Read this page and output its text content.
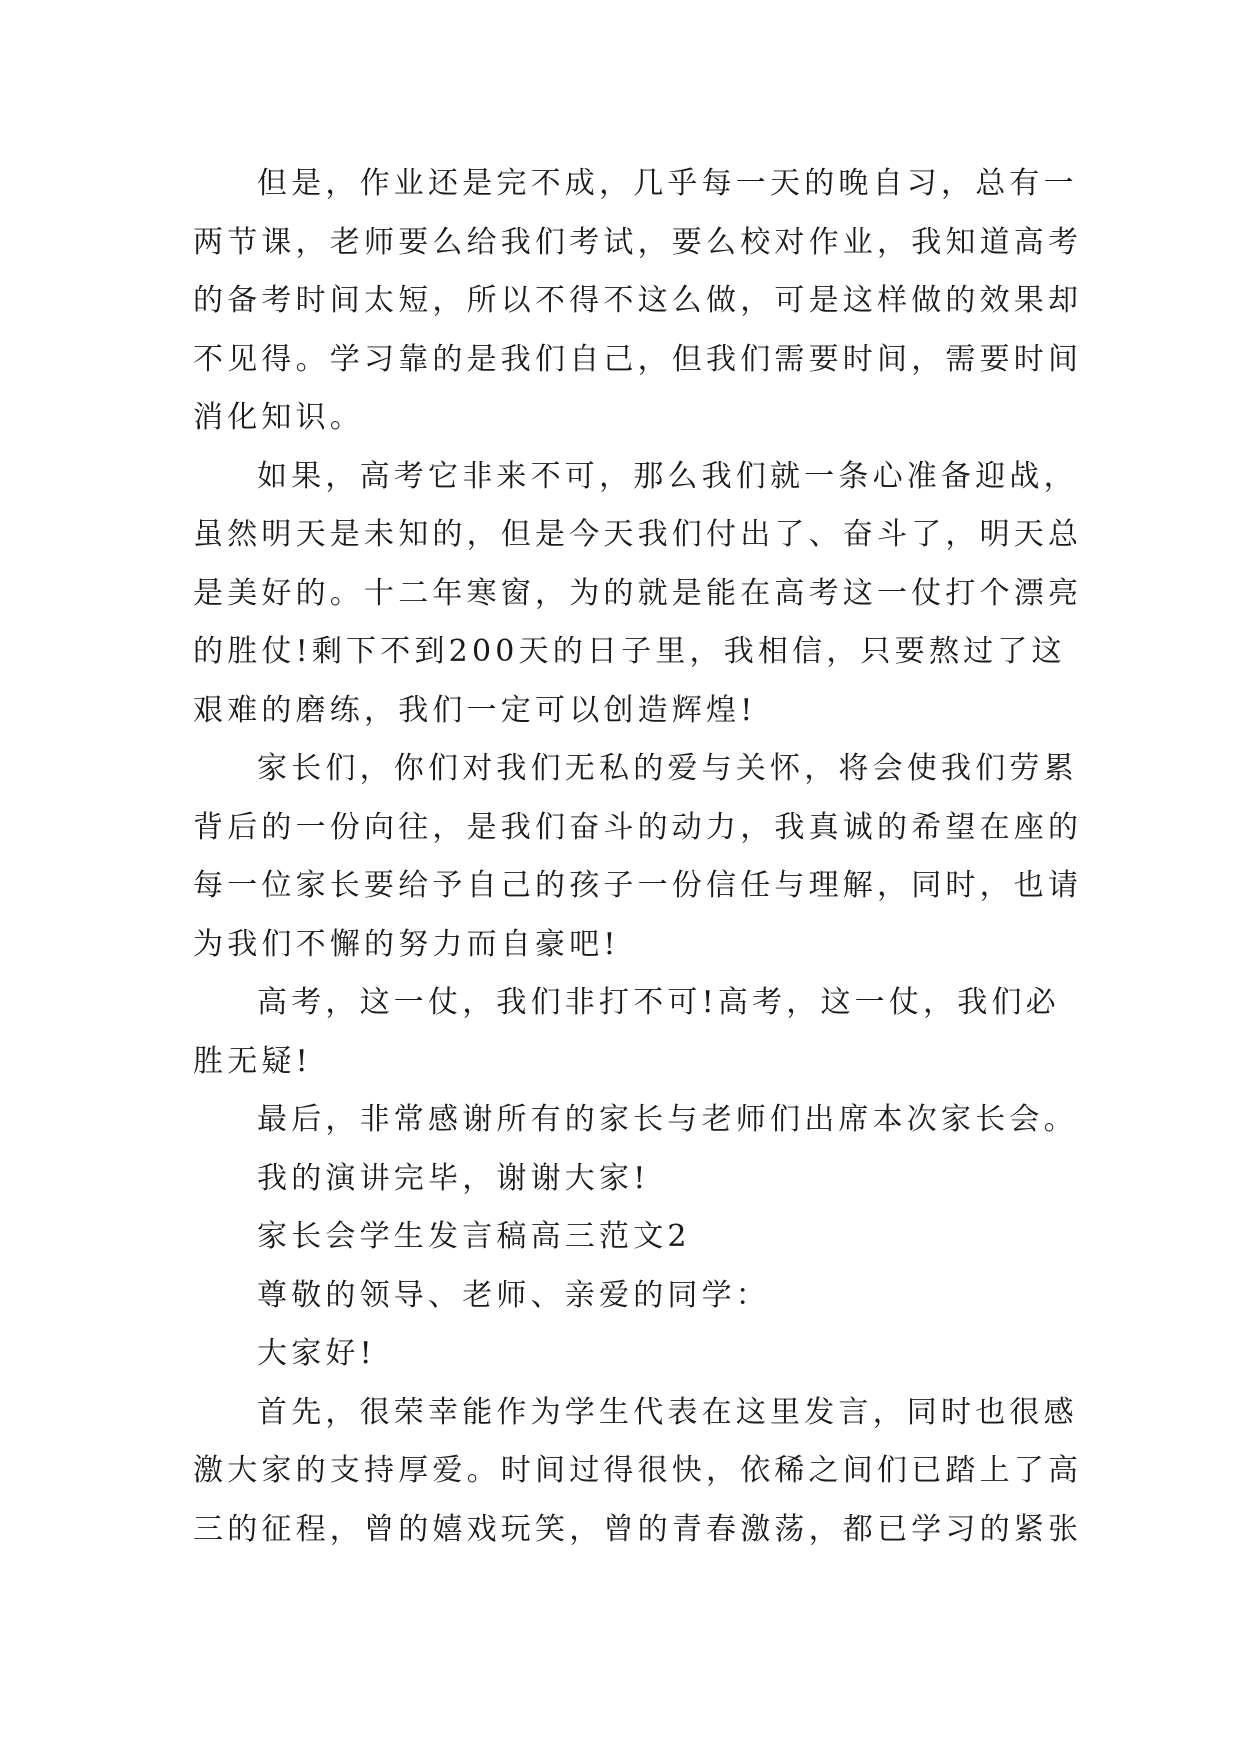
但是，作业还是完不成，几乎每一天的晚自习，总有一
两节课，老师要么给我们考试，要么校对作业，我知道高考
的备考时间太短，所以不得不这么做，可是这样做的效果却
不见得。学习靠的是我们自己，但我们需要时间，需要时间
消化知识。
如果，高考它非来不可，那么我们就一条心准备迎战，
虽然明天是未知的，但是今天我们付出了、奋斗了，明天总
是美好的。十二年寒窗，为的就是能在高考这一仗打个漂亮
的胜仗!剩下不到200天的日子里，我相信，只要熬过了这
艰难的磨练，我们一定可以创造辉煌!
家长们，你们对我们无私的爱与关怀，将会使我们劳累
背后的一份向往，是我们奋斗的动力，我真诚的希望在座的
每一位家长要给予自己的孩子一份信任与理解，同时，也请
为我们不懈的努力而自豪吧!
高考，这一仗，我们非打不可!高考，这一仗，我们必
胜无疑!
最后，非常感谢所有的家长与老师们出席本次家长会。
我的演讲完毕，谢谢大家!
家长会学生发言稿高三范文2
尊敬的领导、老师、亲爱的同学：
大家好!
首先，很荣幸能作为学生代表在这里发言，同时也很感
激大家的支持厚爱。时间过得很快，依稀之间们已踏上了高
三的征程，曾的嬉戏玩笑，曾的青春激荡，都已学习的紧张
